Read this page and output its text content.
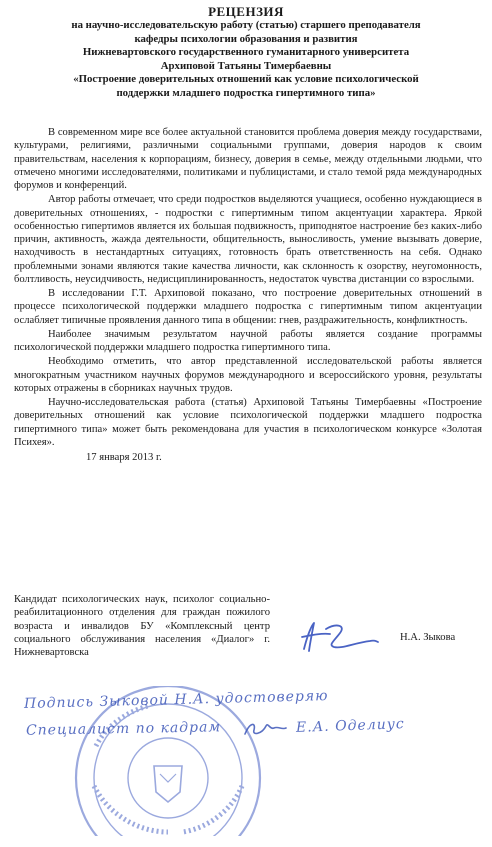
РЕЦЕНЗИЯ
на научно-исследовательскую работу (статью) старшего преподавателя
кафедры психологии образования и развития
Нижневартовского государственного гуманитарного университета
Архиповой Татьяны Тимербаевны
«Построение доверительных отношений как условие психологической
поддержки младшего подростка гипертимного типа»

В современном мире все более актуальной становится проблема доверия между государствами, культурами, религиями, различными социальными группами, доверия народов к своим правительствам, населения к корпорациям, бизнесу, доверия в семье, между отдельными людьми, что отмечено многими исследователями, политиками и публицистами, и стало темой ряда международных форумов и конференций.

Автор работы отмечает, что среди подростков выделяются учащиеся, особенно нуждающиеся в доверительных отношениях, - подростки с гипертимным типом акцентуации характера. Яркой особенностью гипертимов является их большая подвижность, приподнятое настроение без каких-либо причин, активность, жажда деятельности, общительность, выносливость, умение вызывать доверие, находчивость в нестандартных ситуациях, готовность брать ответственность на себя. Однако проблемными зонами являются такие качества личности, как склонность к озорству, неугомонность, болтливость, неусидчивость, недисциплинированность, недостаток чувства дистанции со взрослыми.

В исследовании Г.Т. Архиповой показано, что построение доверительных отношений в процессе психологической поддержки младшего подростка с гипертимным типом акцентуации ослабляет типичные проявления данного типа в общении: гнев, раздражительность, конфликтность.

Наиболее значимым результатом научной работы является создание программы психологической поддержки младшего подростка гипертимного типа.

Необходимо отметить, что автор представленной исследовательской работы является многократным участником научных форумов международного и всероссийского уровня, результаты которых отражены в сборниках научных трудов.

Научно-исследовательская работа (статья) Архиповой Татьяны Тимербаевны «Построение доверительных отношений как условие психологической поддержки младшего подростка гипертимного типа» может быть рекомендована для участия в психологическом конкурсе «Золотая Психея».

17 января 2013 г.

Кандидат психологических наук, психолог социально-реабилитационного отделения для граждан пожилого возраста и инвалидов БУ «Комплексный центр социального обслуживания населения «Диалог» г. Нижневартовска
Н.А. Зыкова
Подпись Зыковой Н.А. удостоверяю
Специалист по кадрам	Е.А. Оделиус
